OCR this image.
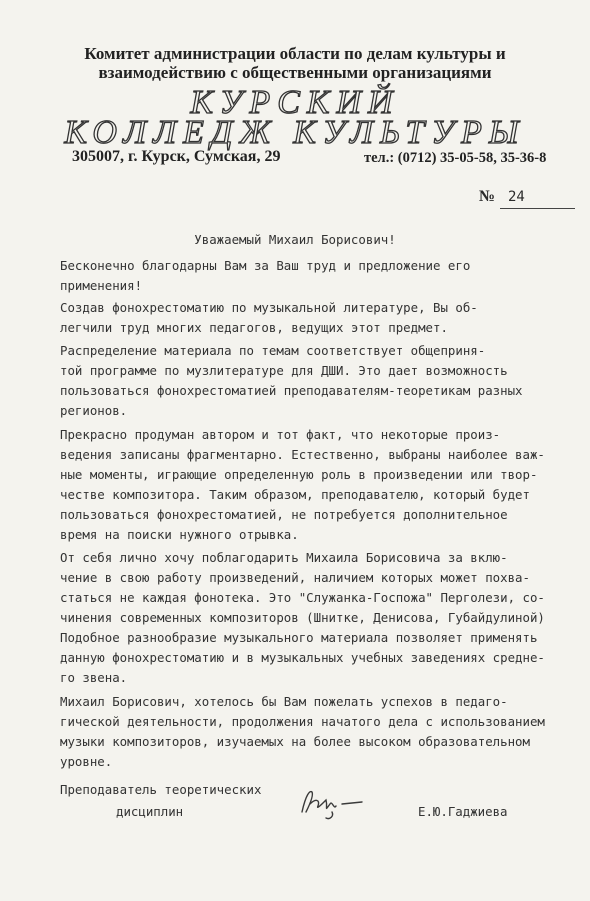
Комитет администрации области по делам культуры и
взаимодействию с общественными организациями
КУРСКИЙ
КОЛЛЕДЖ КУЛЬТУРЫ
305007, г. Курск, Сумская, 29	тел.: (0712) 35-05-58, 35-36-8
№ 24
Уважаемый Михаил Борисович!
Бесконечно благодарны Вам за Ваш труд и предложение его
применения!
Создав фонохрестоматию по музыкальной литературе, Вы об-
легчили труд многих педагогов, ведущих этот предмет.
Распределение материала по темам соответствует общеприня-
той программе по музлитературе для ДШИ. Это дает возможность
пользоваться фонохрестоматией преподавателям-теоретикам разных
регионов.
Прекрасно продуман автором и тот факт, что некоторые произ-
ведения записаны фрагментарно. Естественно, выбраны наиболее важ-
ные моменты, играющие определенную роль в произведении или твор-
честве композитора. Таким образом, преподавателю, который будет
пользоваться фонохрестоматией, не потребуется дополнительное
время на поиски нужного отрывка.
От себя лично хочу поблагодарить Михаила Борисовича за вклю-
чение в свою работу произведений, наличием которых может похва-
статься не каждая фонотека. Это "Служанка-Госпожа" Перголези, со-
чинения современных композиторов (Шнитке, Денисова, Губайдулиной)
Подобное разнообразие музыкального материала позволяет применять
данную фонохрестоматию и в музыкальных учебных заведениях средне-
го звена.
Михаил Борисович, хотелось бы Вам пожелать успехов в педаго-
гической деятельности, продолжения начатого дела с использованием
музыки композиторов, изучаемых на более высоком образовательном
уровне.
Преподаватель теоретических
дисциплин	Е.Ю.Гаджиева
